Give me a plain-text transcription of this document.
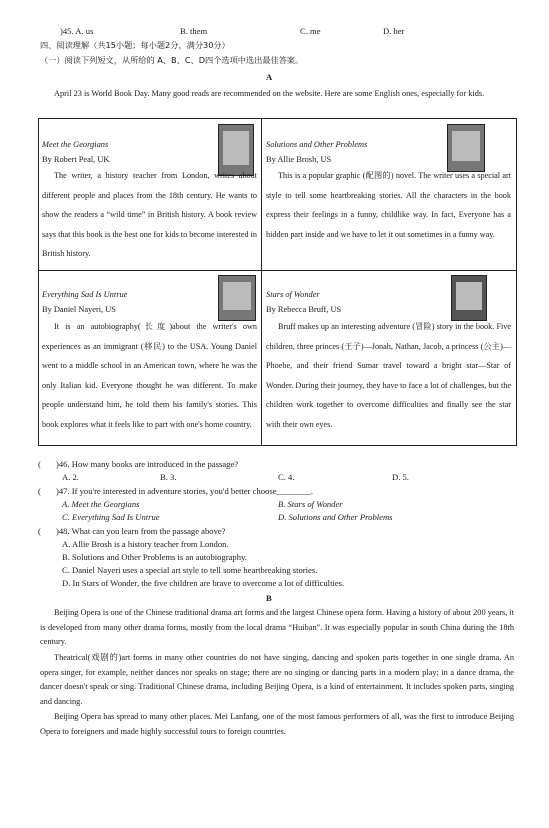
)45. A. us	B. them	C. me	D. her
四、阅读理解（共15小题；每小题2分，满分30分）
（一）阅读下列短文，从所给的 A、B、C、D四个选项中选出最佳答案。
A
April 23 is World Book Day. Many good reads are recommended on the website. Here are some English ones, especially for kids.
Meet the Georgians
By Robert Peal, UK
The writer, a history teacher from London, writes about different people and places from the 18th century. He wants to show the readers a “wild time” in British history. A book review says that this book is the best one for kids to become interested in British history.
Solutions and Other Problems
By Allie Brosh, US
This is a popular graphic (配图的) novel. The writer uses a special art style to tell some heartbreaking stories. All the characters in the book express their feelings in a funny, childlike way. In fact, Everyone has a hidden part inside and we have to let it out sometimes in a funny way.
Everything Sad Is Untrue
By Daniel Nayeri, US
It is an autobiography(长度)about the writer's own experiences as an immigrant (移民) to the USA. Young Daniel went to a middle school in an American town, where he was the only Italian kid. Everyone thought he was different. To make people understand him, he told them his family's stories. This book explores what it feels like to part with one's home country.
Stars of Wonder
By Rebecca Bruff, US
Bruff makes up an interesting adventure (冒险) story in the book. Five children, three princes (王子)—Jonah, Nathan, Jacob, a princess (公主)—Phoebe, and their friend Sumar travel toward a bright star—Star of Wonder. During their journey, they have to face a lot of challenges, but the children work together to overcome difficulties and finally see the star with their own eyes.
( )46. How many books are introduced in the passage?
A. 2.	B. 3.	C. 4.	D. 5.
( )47. If you're interested in adventure stories, you'd better choose________.
A. Meet the Georgians	B. Stars of Wonder
C. Everything Sad Is Untrue	D. Solutions and Other Problems
( )48. What can you learn from the passage above?
A. Allie Brosh is a history teacher from London.
B. Solutions and Other Problems is an autobiography.
C. Daniel Nayeri uses a special art style to tell some heartbreaking stories.
D. In Stars of Wonder, the five children are brave to overcome a lot of difficulties.
B
Beijing Opera is one of the Chinese traditional drama art forms and the largest Chinese opera form. Having a history of about 200 years, it is developed from many other drama forms, mostly from the local drama “Huiban”. It was especially popular in south China during the 18th century.
Theatrical(戏剧的)art forms in many other countries do not have singing, dancing and spoken parts together in one single drama. An opera singer, for example, neither dances nor speaks on stage; there are no singing or dancing parts in a modern play; in a dance drama, the dancer doesn't speak or sing. Traditional Chinese drama, including Beijing Opera, is a kind of entertainment. It includes spoken parts, singing and dancing.
Beijing Opera has spread to many other places. Mei Lanfang, one of the most famous performers of all, was the first to introduce Beijing Opera to foreigners and made highly successful tours to foreign countries.
